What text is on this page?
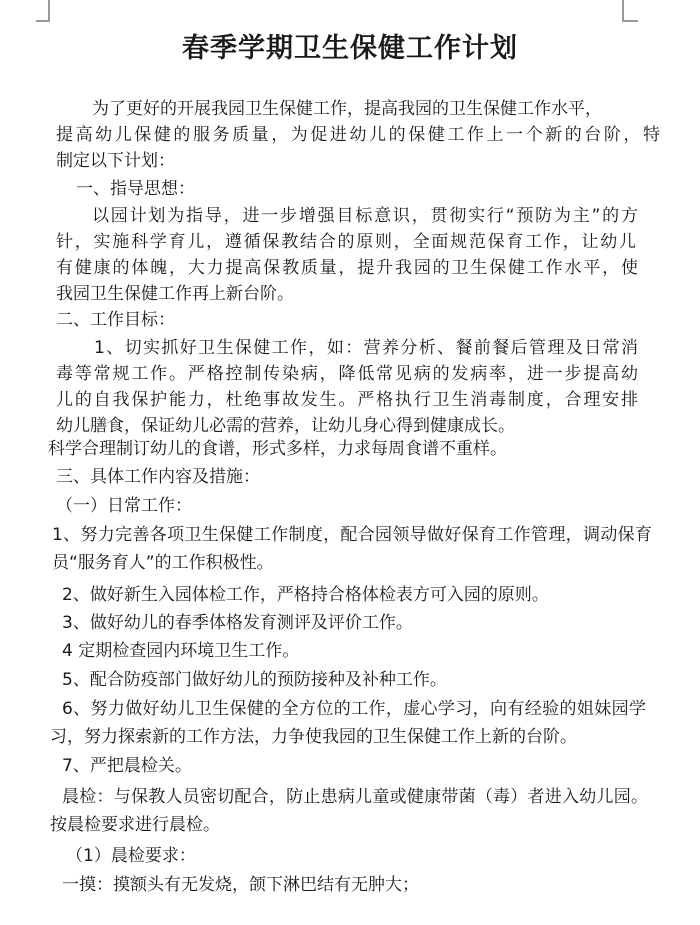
春季学期卫生保健工作计划

为了更好的开展我园卫生保健工作，提高我园的卫生保健工作水平，

提高幼儿保健的服务质量，为促进幼儿的保健工作上一个新的台阶，特

制定以下计划：

一、指导思想：

以园计划为指导，进一步增强目标意识，贯彻实行“预防为主”的方

针，实施科学育儿，遵循保教结合的原则，全面规范保育工作，让幼儿

有健康的体魄，大力提高保教质量，提升我园的卫生保健工作水平，使

我园卫生保健工作再上新台阶。

二、工作目标：

1、切实抓好卫生保健工作，如：营养分析、餐前餐后管理及日常消

毒等常规工作。严格控制传染病，降低常见病的发病率，进一步提高幼

儿的自我保护能力，杜绝事故发生。严格执行卫生消毒制度，合理安排

幼儿膳食，保证幼儿必需的营养，让幼儿身心得到健康成长。

科学合理制订幼儿的食谱，形式多样，力求每周食谱不重样。

三、具体工作内容及措施：

（一）日常工作：

1、努力完善各项卫生保健工作制度，配合园领导做好保育工作管理，调动保育

员“服务育人”的工作积极性。

2、做好新生入园体检工作，严格持合格体检表方可入园的原则。

3、做好幼儿的春季体格发育测评及评价工作。

4 定期检查园内环境卫生工作。

5、配合防疫部门做好幼儿的预防接种及补种工作。

6、努力做好幼儿卫生保健的全方位的工作，虚心学习，向有经验的姐妹园学

习，努力探索新的工作方法，力争使我园的卫生保健工作上新的台阶。

7、严把晨检关。

晨检：与保教人员密切配合，防止患病儿童或健康带菌（毒）者进入幼儿园。

按晨检要求进行晨检。

（1）晨检要求：

一摸：摸额头有无发烧，颌下淋巴结有无肿大；
